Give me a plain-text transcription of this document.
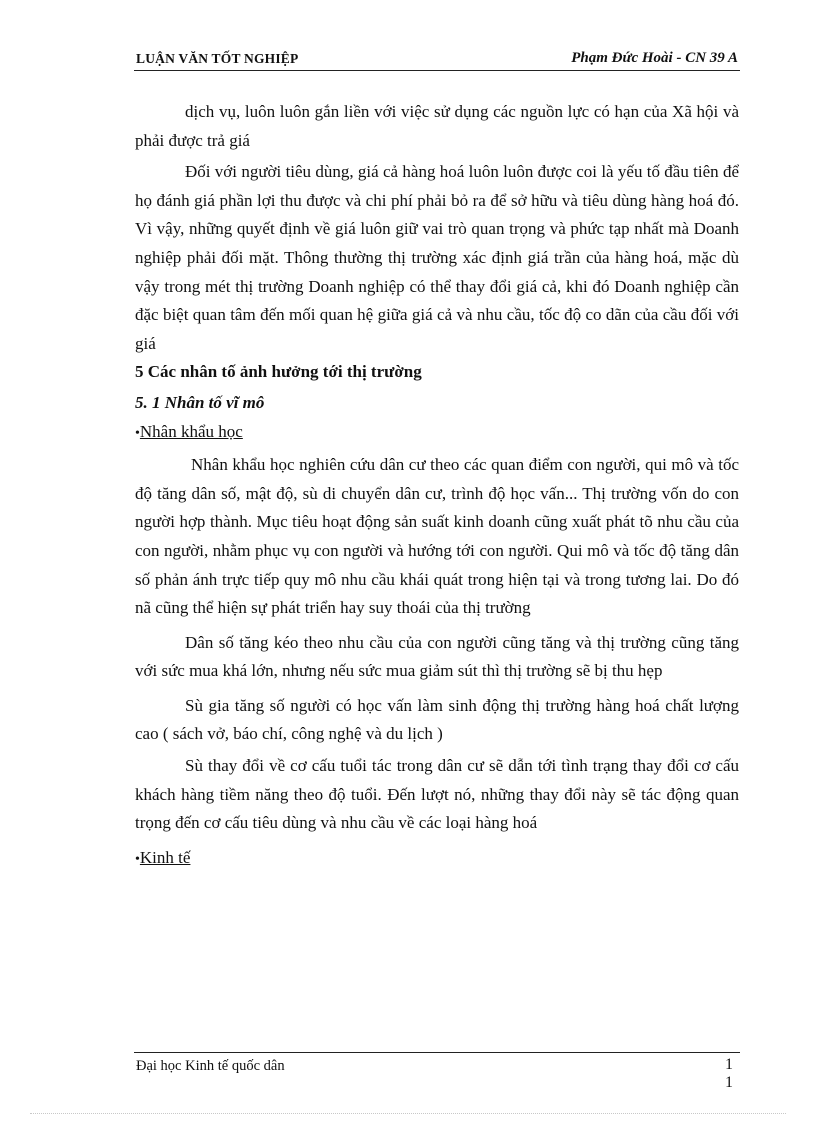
LUẬN VĂN TỐT NGHIỆP	Phạm Đức Hoài - CN 39 A

dịch vụ, luôn luôn gắn liền với việc sử dụng các nguồn lực có hạn của Xã hội và phải được trả giá

Đối với người tiêu dùng, giá cả hàng hoá luôn luôn được coi là yếu tố đầu tiên để họ đánh giá phần lợi thu được và chi phí phải bỏ ra để sở hữu và tiêu dùng hàng hoá đó. Vì vậy, những quyết định về giá luôn giữ vai trò quan trọng và phức tạp nhất mà Doanh nghiệp phải đối mặt. Thông thường thị trường xác định giá trần của hàng hoá, mặc dù vậy trong mét thị trường Doanh nghiệp có thể thay đổi giá cả, khi đó Doanh nghiệp cần đặc biệt quan tâm đến mối quan hệ giữa giá cả và nhu cầu, tốc độ co dãn của cầu đối với giá

5 Các nhân tố ảnh hưởng tới thị trường

5. 1 Nhân tố vĩ mô

•Nhân khẩu học

Nhân khẩu học nghiên cứu dân cư theo các quan điểm con người, qui mô và tốc độ tăng dân số, mật độ, sù di chuyển dân cư, trình độ học vấn... Thị trường vốn do con người hợp thành. Mục tiêu hoạt động sản suất kinh doanh cũng xuất phát tõ nhu cầu của con người, nhằm phục vụ con người và hướng tới con người. Qui mô và tốc độ tăng dân số phản ánh trực tiếp quy mô nhu cầu khái quát trong hiện tại và trong tương lai. Do đó nã cũng thể hiện sự phát triển hay suy thoái của thị trường

Dân số tăng kéo theo nhu cầu của con người cũng tăng và thị trường cũng tăng với sức mua khá lớn, nhưng nếu sức mua giảm sút thì thị trường sẽ bị thu hẹp

Sù gia tăng số người có học vấn làm sinh động thị trường hàng hoá chất lượng cao ( sách vở, báo chí, công nghệ và du lịch )

Sù thay đổi về cơ cấu tuổi tác trong dân cư sẽ dẫn tới tình trạng thay đổi cơ cấu khách hàng tiềm năng theo độ tuổi. Đến lượt nó, những thay đổi này sẽ tác động quan trọng đến cơ cấu tiêu dùng và nhu cầu về các loại hàng hoá

•Kinh tế

Đại học Kinh tế quốc dân	11
